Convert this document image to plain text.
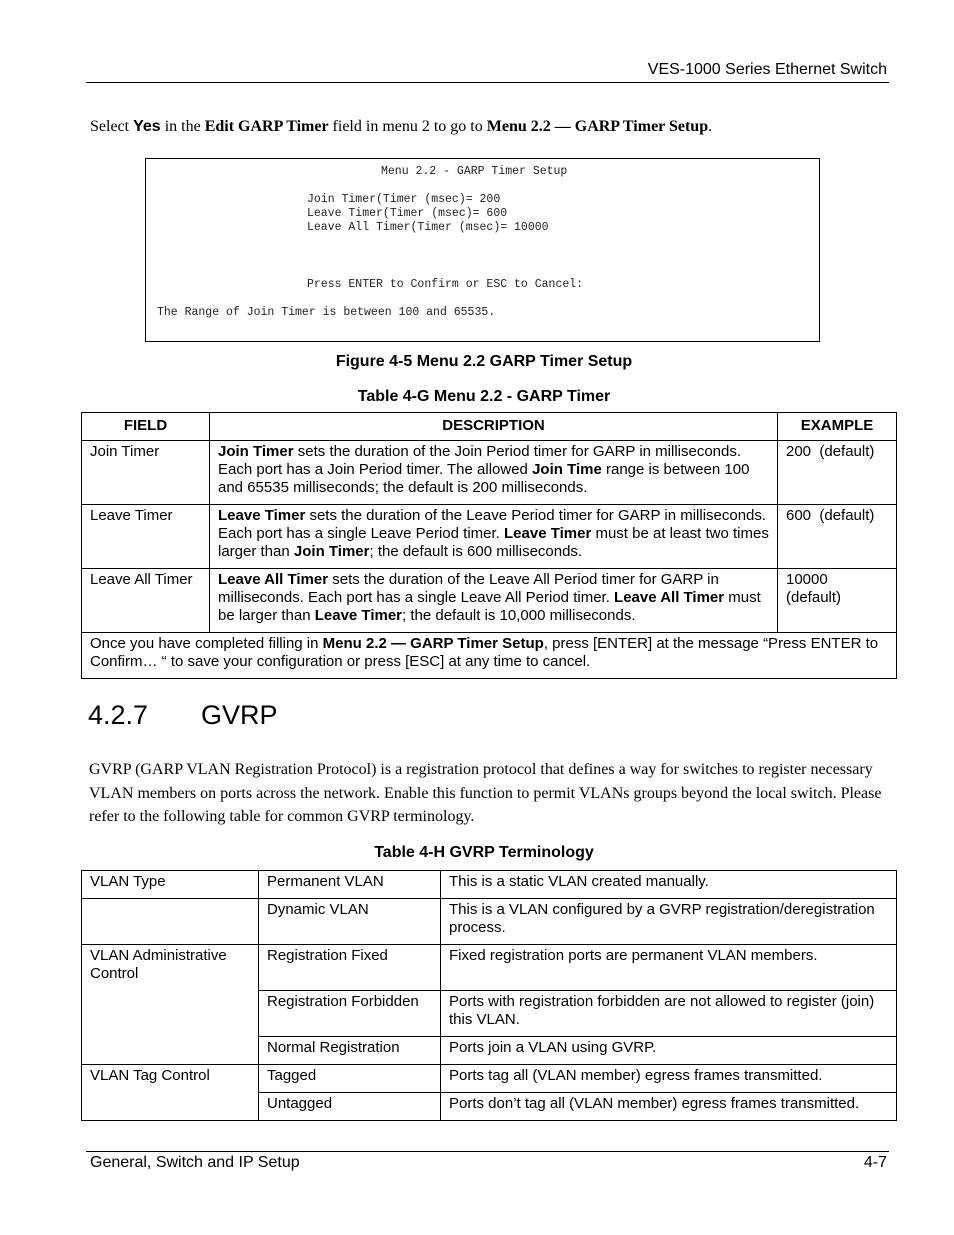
VES-1000 Series Ethernet Switch
Select Yes in the Edit GARP Timer field in menu 2 to go to Menu 2.2 — GARP Timer Setup.
Menu 2.2 - GARP Timer Setup
Join Timer(Timer (msec)= 200
Leave Timer(Timer (msec)= 600
Leave All Timer(Timer (msec)= 10000
Press ENTER to Confirm or ESC to Cancel:
The Range of Join Timer is between 100 and 65535.
Figure 4-5 Menu 2.2 GARP Timer Setup
Table 4-G Menu 2.2 - GARP Timer
FIELD	DESCRIPTION	EXAMPLE
Join Timer	Join Timer sets the duration of the Join Period timer for GARP in milliseconds. Each port has a Join Period timer. The allowed Join Time range is between 100 and 65535 milliseconds; the default is 200 milliseconds.	200  (default)
Leave Timer	Leave Timer sets the duration of the Leave Period timer for GARP in milliseconds. Each port has a single Leave Period timer. Leave Timer must be at least two times larger than Join Timer; the default is 600 milliseconds.	600  (default)
Leave All Timer	Leave All Timer sets the duration of the Leave All Period timer for GARP in milliseconds. Each port has a single Leave All Period timer. Leave All Timer must be larger than Leave Timer; the default is 10,000 milliseconds.	10000
(default)

Once you have completed filling in Menu 2.2 — GARP Timer Setup, press [ENTER] at the message “Press ENTER to Confirm… “ to save your configuration or press [ESC] at any time to cancel.		
4.2.7 GVRP
GVRP (GARP VLAN Registration Protocol) is a registration protocol that defines a way for switches to register necessary VLAN members on ports across the network. Enable this function to permit VLANs groups beyond the local switch. Please refer to the following table for common GVRP terminology.
Table 4-H GVRP Terminology
VLAN Type	Permanent VLAN	This is a static VLAN created manually.
	Dynamic VLAN	This is a VLAN configured by a GVRP registration/deregistration process.
VLAN Administrative Control	Registration Fixed	Fixed registration ports are permanent VLAN members.
	Registration Forbidden	Ports with registration forbidden are not allowed to register (join) this VLAN.
	Normal Registration	Ports join a VLAN using GVRP.
VLAN Tag Control	Tagged	Ports tag all (VLAN member) egress frames transmitted.
	Untagged	Ports don’t tag all (VLAN member) egress frames transmitted.
General, Switch and IP Setup	4-7
